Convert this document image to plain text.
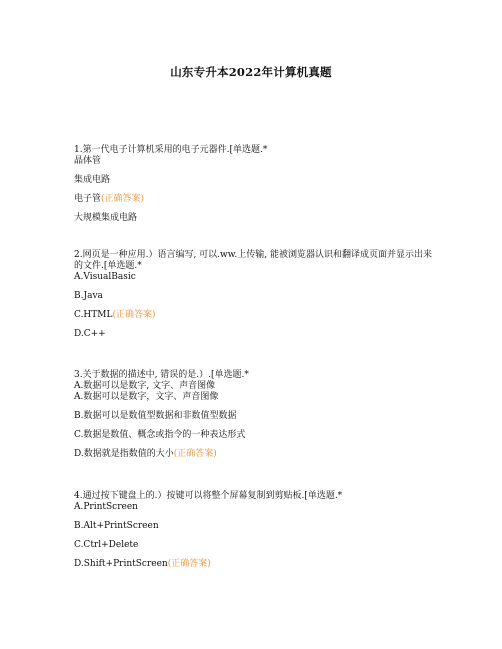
山东专升本2022年计算机真题

1.第一代电子计算机采用的电子元器件.[单选题.*

晶体管

集成电路

电子管(正确答案)

大规模集成电路

2.网页是一种应用.）语言编写, 可以.ww.上传输, 能被浏览器认识和翻译成页面并显示出来的文件.[单选题.*

A.VisualBasic

B.Java

C.HTML(正确答案)

D.C++

3.关于数据的描述中, 错误的是.）.[单选题.*

A.数据可以是数字, 文字、声音图像

A.数据可以是数字，文字、声音图像

B.数据可以是数值型数据和非数值型数据

C.数据是数值、概念或指令的一种表达形式

D.数据就是指数值的大小(正确答案)

4.通过按下键盘上的.）按键可以将整个屏幕复制到剪贴板.[单选题.*

A.PrintScreen

B.Alt+PrintScreen

C.Ctrl+Delete

D.Shift+PrintScreen(正确答案)
